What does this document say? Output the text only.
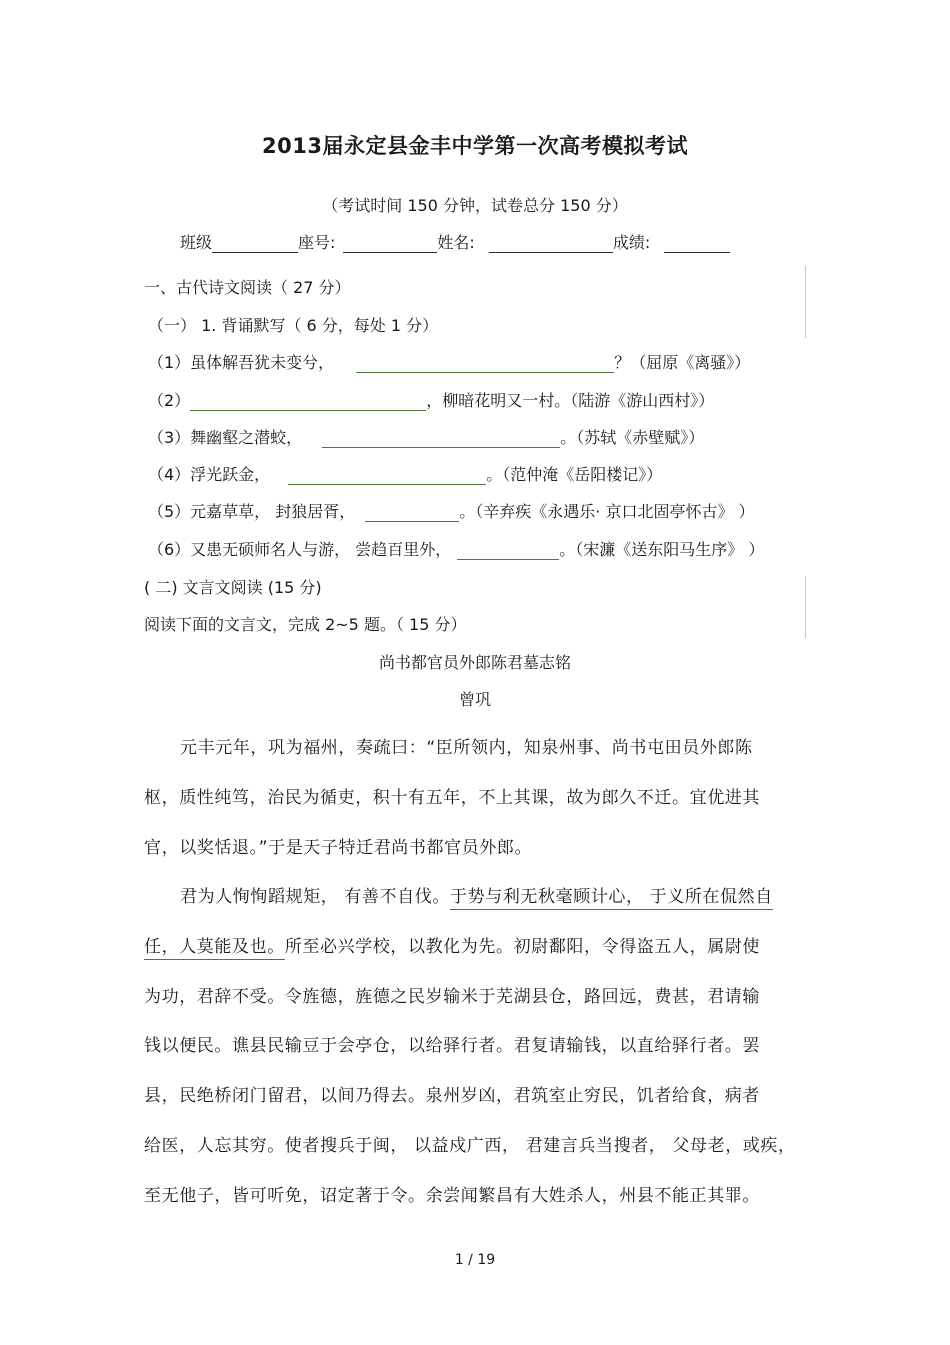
2013届永定县金丰中学第一次高考模拟考试
（考试时间 150 分钟，试卷总分 150 分）
班级	座号:	姓名:	成绩:
一、古代诗文阅读（ 27 分）
（一） 1. 背诵默写（ 6 分，每处 1 分）
（1）虽体解吾犹未变兮，	？（屈原《离骚》）
（2）	，柳暗花明又一村。（陆游《游山西村》）
（3）舞幽壑之潜蛟，	。（苏轼《赤壁赋》）
（4）浮光跃金，	。（范仲淹《岳阳楼记》）
（5）元嘉草草， 封狼居胥，	。（辛弃疾《永遇乐· 京口北固亭怀古》 ）
（6）又患无硕师名人与游， 尝趋百里外，	。（宋濂《送东阳马生序》 ）
( 二) 文言文阅读 (15 分)
阅读下面的文言文，完成 2~5 题。（ 15 分）
尚书都官员外郎陈君墓志铭
曾巩
元丰元年，巩为福州，奏疏曰：“臣所领内，知泉州事、尚书屯田员外郎陈
枢，质性纯笃，治民为循吏，积十有五年，不上其课，故为郎久不迁。宜优进其
官，以奖恬退。”于是天子特迁君尚书都官员外郎。
君为人恂恂蹈规矩， 有善不自伐。于势与利无秋毫顾计心， 于义所在侃然自
任，人莫能及也。所至必兴学校，以教化为先。初尉鄱阳，令得盗五人，属尉使
为功，君辞不受。令旌德，旌德之民岁输米于芜湖县仓，路回远，费甚，君请输
钱以便民。谯县民输豆于会亭仓，以给驿行者。君复请输钱，以直给驿行者。罢
县，民绝桥闭门留君，以间乃得去。泉州岁凶，君筑室止穷民，饥者给食，病者
给医，人忘其穷。使者搜兵于闽， 以益戍广西， 君建言兵当搜者， 父母老，或疾，
至无他子，皆可听免，诏定著于令。余尝闻繁昌有大姓杀人，州县不能正其罪。
1 / 19
